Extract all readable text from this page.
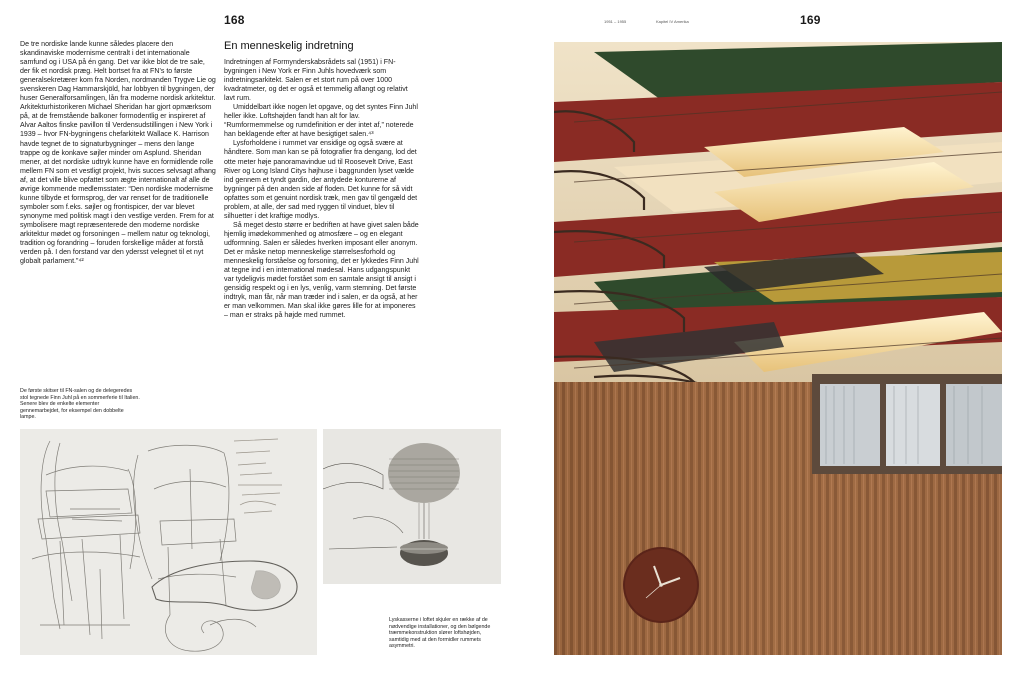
168

De tre nordiske lande kunne således placere den skandinaviske modernisme centralt i det internationale samfund og i USA på én gang. Det var ikke blot de tre sale, der fik et nordisk præg. Helt bortset fra at FN’s to første generalsekretærer kom fra Norden, nordmanden Trygve Lie og svenskeren Dag Hammarskjöld, har lobbyen til bygningen, der huser Generalforsamlingen, lån fra moderne nordisk arkitektur. Arkitekturhistorikeren Michael Sheridan har gjort opmærksom på, at de fremstående balkoner formodentlig er inspireret af Alvar Aaltos finske pavillon til Verdensudstillingen i New York i 1939 – hvor FN-bygningens chefarkitekt Wallace K. Harrison havde tegnet de to signaturbygninger – mens den lange trappe og de konkave søjler minder om Asplund. Sheridan mener, at det nordiske udtryk kunne have en formidlende rolle mellem FN som et vestligt projekt, hvis succes selvsagt afhang af, at det ville blive opfattet som ægte internationalt af alle de øvrige kommende medlemsstater: “Den nordiske modernisme kunne tilbyde et formsprog, der var renset for de traditionelle symboler som f.eks. søjler og frontispicer, der var blevet synonyme med politisk magt i den vestlige verden. Frem for at symbolisere magt repræsenterede den moderne nordiske arkitektur mødet og forsoningen – mellem natur og teknologi, tradition og forandring – foruden forskellige måder at forstå verden på. I den forstand var den ydersst velegnet til et nyt globalt parlament.”⁴²

En menneskelig indretning

Indretningen af Formynderskabsrådets sal (1951) i FN-bygningen i New York er Finn Juhls hovedværk som indretningsarkitekt. Salen er et stort rum på over 1000 kvadratmeter, og det er også et temmelig aflangt og relativt lavt rum.

Umiddelbart ikke nogen let opgave, og det syntes Finn Juhl heller ikke. Loftshøjden fandt han alt for lav. “Rumformemmelse og rumdefinition er der intet af,” noterede han beklagende efter at have besigtiget salen.⁴³

Lysforholdene i rummet var ensidige og også svære at håndtere. Som man kan se på fotografier fra dengang, lod det otte meter høje panoramavindue ud til Roosevelt Drive, East River og Long Island Citys højhuse i baggrunden lyset vælde ind gennem et tyndt gardin, der antydede konturerne af bygninger på den anden side af floden. Det kunne for så vidt opfattes som et genuint nordisk træk, men gav til gengæld det problem, at alle, der sad med ryggen til vinduet, blev til silhuetter i det kraftige modlys.

Så meget desto større er bedriften at have givet salen både hjemlig imødekommenhed og atmosfære – og en elegant udformning. Salen er således hverken imposant eller anonym. Det er måske netop menneskelige størrelsesforhold og menneskelig forståelse og forsoning, det er lykkedes Finn Juhl at tegne ind i en international mødesal. Hans udgangspunkt var tydeligvis mødet forstået som en samtale ansigt til ansigt i gensidig respekt og i en lys, venlig, varm stemning. Det første indtryk, man får, når man træder ind i salen, er da også, at her er man velkommen. Man skal ikke gøres lille for at imponeres – man er straks på højde med rummet.

De første skitser til FN-salen og de delegeredes stol tegnede Finn Juhl på en sommerferie til Italien. Senere blev de enkelte elementer gennemarbejdet, for eksempel den dobbelte lampe.
1951 – 1955	Kapitel IV Amerika	169
Lyskasserne i loftet skjuler en række af de nødvendige installationer, og den bølgende træmmekonstruktion slører loftshøjden, samtidig med at den formidler rummets asymmetri.
